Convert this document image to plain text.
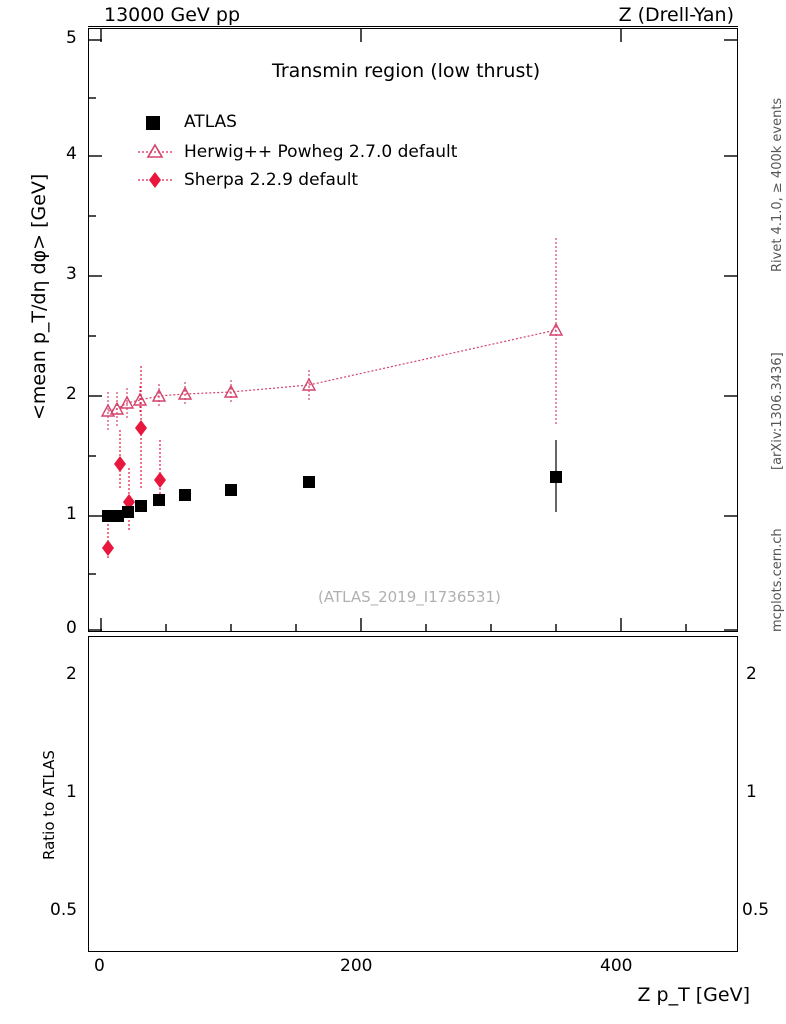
13000 GeV pp	Z (Drell-Yan)
Rivet 4.1.0, ≥ 400k events
[arXiv:1306.3436]
mcplots.cern.ch
<mean p_T/dη dφ> [GeV]
Transmin region (low thrust)
(ATLAS_2019_I1736531)
5
4
3
2
1
0
ATLAS
Herwig++ Powheg 2.7.0 default
Sherpa 2.2.9 default
Ratio to ATLAS
2
1
0.5
2
1
0.5
0	200	400
Z p_T [GeV]
